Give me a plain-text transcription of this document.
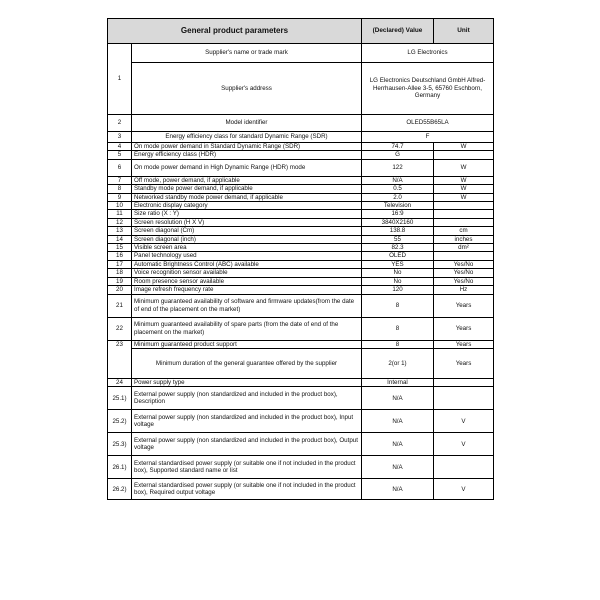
General product parameters		(Declared) Value	Unit
1	Supplier's name or trade mark	LG Electronics	
	Supplier's address	LG Electronics Deutschland GmbH Alfred-Herrhausen-Allee 3-5, 65760 Eschborn, Germany	
2	Model identifier	OLED55B65LA	
3	Energy efficiency class for standard Dynamic Range (SDR)	F	
4	On mode power demand in Standard Dynamic Range (SDR)	74.7	W
5	Energy efficiency class (HDR)	G	
6	On mode power demand in High Dynamic Range (HDR) mode	122	W
7	Off mode, power demand, if applicable	N/A	W
8	Standby mode power demand, if applicable	0.5	W
9	Networked standby mode power demand, if applicable	2.0	W
10	Electronic display category	Television	
11	Size ratio (X : Y)	16:9	
12	Screen resolution (H X V)	3840X2160	
13	Screen diagonal (Cm)	138.8	cm
14	Screen diagonal (inch)	55	inches
15	Visible screen area	82.3	dm²
16	Panel technology used	OLED	
17	Automatic Brightness Control (ABC) available	YES	Yes/No
18	Voice recognition sensor available	No	Yes/No
19	Room presence sensor available	No	Yes/No
20	Image refresh frequency rate	120	Hz
21	Minimum guaranteed availability of software and firmware updates(from the date of end of the placement on the market)	8	Years
22	Minimum guaranteed availability of spare parts (from the date of end of the placement on the market)	8	Years
23	Minimum guaranteed product support	8	Years
	Minimum duration of the general guarantee offered by the supplier	2(or 1)	Years
24	Power supply type	Internal	
25.1)	External power supply (non standardized and included in the product box), Description	N/A	
25.2)	External power supply (non standardized and included in the product box), Input voltage	N/A	V
25.3)	External power supply (non standardized and included in the product box), Output voltage	N/A	V
26.1)	External standardised power supply (or suitable one if not included in the product box), Supported standard name or list	N/A	
26.2)	External standardised power supply (or suitable one if not included in the product box), Required output voltage	N/A	V
